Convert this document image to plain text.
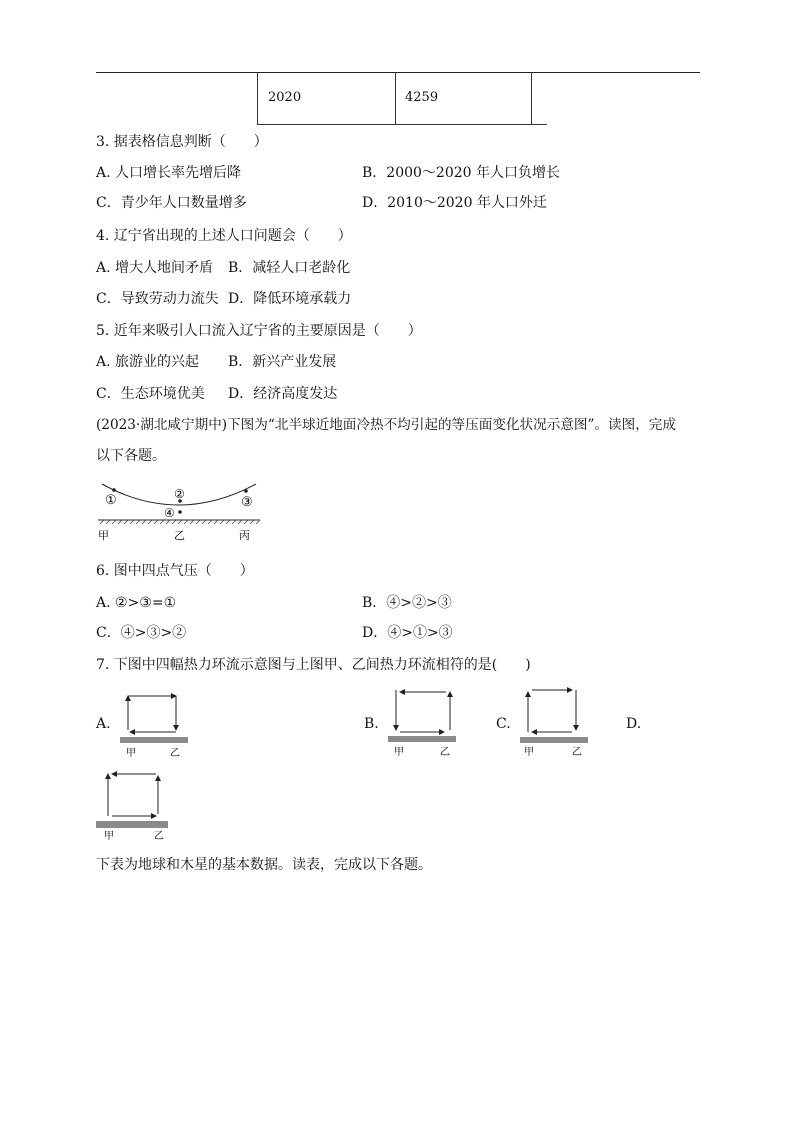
2020	4259
3. 据表格信息判断（　　）
A. 人口增长率先增后降	B．2000～2020 年人口负增长
C．青少年人口数量增多	D．2010～2020 年人口外迁
4. 辽宁省出现的上述人口问题会（　　）
A. 增大人地间矛盾 B．减轻人口老龄化
C．导致劳动力流失 D．降低环境承载力
5. 近年来吸引人口流入辽宁省的主要原因是（　　）
A. 旅游业的兴起 B．新兴产业发展
C．生态环境优美 D．经济高度发达
(2023·湖北咸宁期中)下图为“北半球近地面冷热不均引起的等压面变化状况示意图”。读图，完成
以下各题。
①	②
③
④
甲	乙	丙
6. 图中四点气压（　　）
A. ②>③=①	B．④>②>③
C．④>③>②	D．④>①>③
7. 下图中四幅热力环流示意图与上图甲、乙间热力环流相符的是(　　)
A.	B.	C.	D.
甲	乙	甲	乙	甲	乙
甲	乙
下表为地球和木星的基本数据。读表，完成以下各题。
